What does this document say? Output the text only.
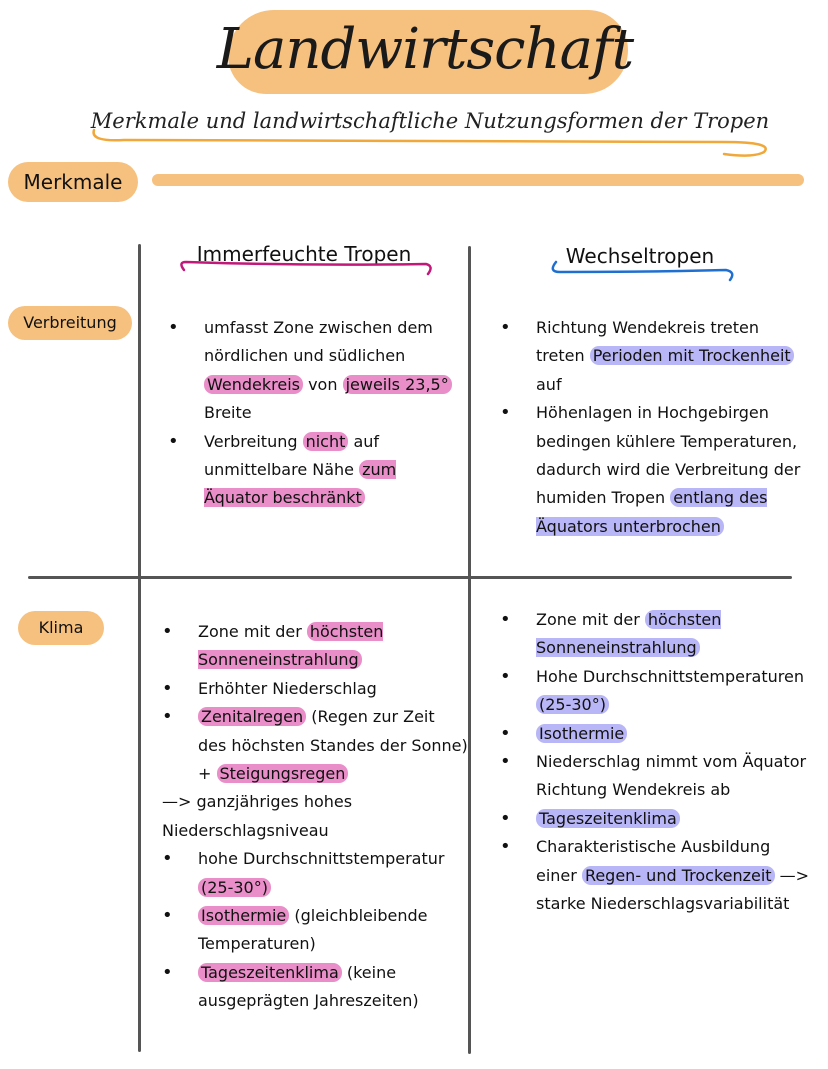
Landwirtschaft
Merkmale und landwirtschaftliche Nutzungsformen der Tropen
Merkmale
Immerfeuchte Tropen	Wechseltropen
Verbreitung
Klima
• umfasst Zone zwischen dem nördlichen und südlichen Wendekreis von jeweils 23,5° Breite
• Verbreitung nicht auf unmittelbare Nähe zum Äquator beschränkt
• Richtung Wendekreis treten treten Perioden mit Trockenheit auf
• Höhenlagen in Hochgebirgen bedingen kühlere Temperaturen, dadurch wird die Verbreitung der humiden Tropen entlang des Äquators unterbrochen
• Zone mit der höchsten Sonneneinstrahlung
• Erhöhter Niederschlag
• Zenitalregen (Regen zur Zeit des höchsten Standes der Sonne) + Steigungsregen
—> ganzjähriges hohes Niederschlagsniveau
• hohe Durchschnittstemperatur (25-30°)
• Isothermie (gleichbleibende Temperaturen)
• Tageszeitenklima (keine ausgeprägten Jahreszeiten)
• Zone mit der höchsten Sonneneinstrahlung
• Hohe Durchschnittstemperaturen (25-30°)
• Isothermie
• Niederschlag nimmt vom Äquator Richtung Wendekreis ab
• Tageszeitenklima
• Charakteristische Ausbildung einer Regen- und Trockenzeit —> starke Niederschlagsvariabilität
